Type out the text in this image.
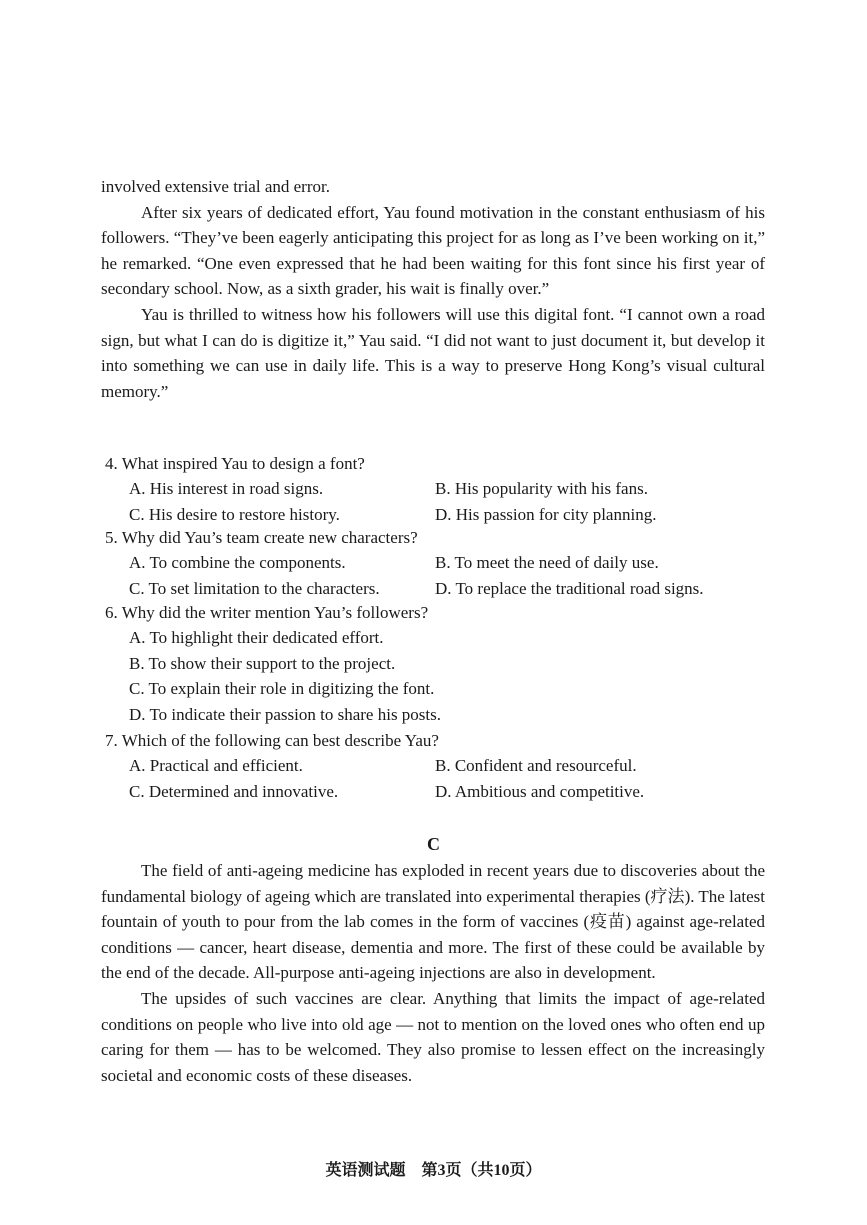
involved extensive trial and error.

After six years of dedicated effort, Yau found motivation in the constant enthusiasm of his followers. “They’ve been eagerly anticipating this project for as long as I’ve been working on it,” he remarked. “One even expressed that he had been waiting for this font since his first year of secondary school. Now, as a sixth grader, his wait is finally over.”

Yau is thrilled to witness how his followers will use this digital font. “I cannot own a road sign, but what I can do is digitize it,” Yau said. “I did not want to just document it, but develop it into something we can use in daily life. This is a way to preserve Hong Kong’s visual cultural memory.”

4. What inspired Yau to design a font?

A. His interest in road signs.	B. His popularity with his fans.
C. His desire to restore history.	D. His passion for city planning.

5. Why did Yau’s team create new characters?

A. To combine the components.	B. To meet the need of daily use.
C. To set limitation to the characters.	D. To replace the traditional road signs.

6. Why did the writer mention Yau’s followers?

A. To highlight their dedicated effort.
B. To show their support to the project.
C. To explain their role in digitizing the font.
D. To indicate their passion to share his posts.

7. Which of the following can best describe Yau?

A. Practical and efficient.	B. Confident and resourceful.
C. Determined and innovative.	D. Ambitious and competitive.
C

The field of anti-ageing medicine has exploded in recent years due to discoveries about the fundamental biology of ageing which are translated into experimental therapies (疗法). The latest fountain of youth to pour from the lab comes in the form of vaccines (疫苗) against age-related conditions — cancer, heart disease, dementia and more. The first of these could be available by the end of the decade. All-purpose anti-ageing injections are also in development.

The upsides of such vaccines are clear. Anything that limits the impact of age-related conditions on people who live into old age — not to mention on the loved ones who often end up caring for them — has to be welcomed. They also promise to lessen effect on the increasingly societal and economic costs of these diseases.

英语测试题　第3页（共10页）
